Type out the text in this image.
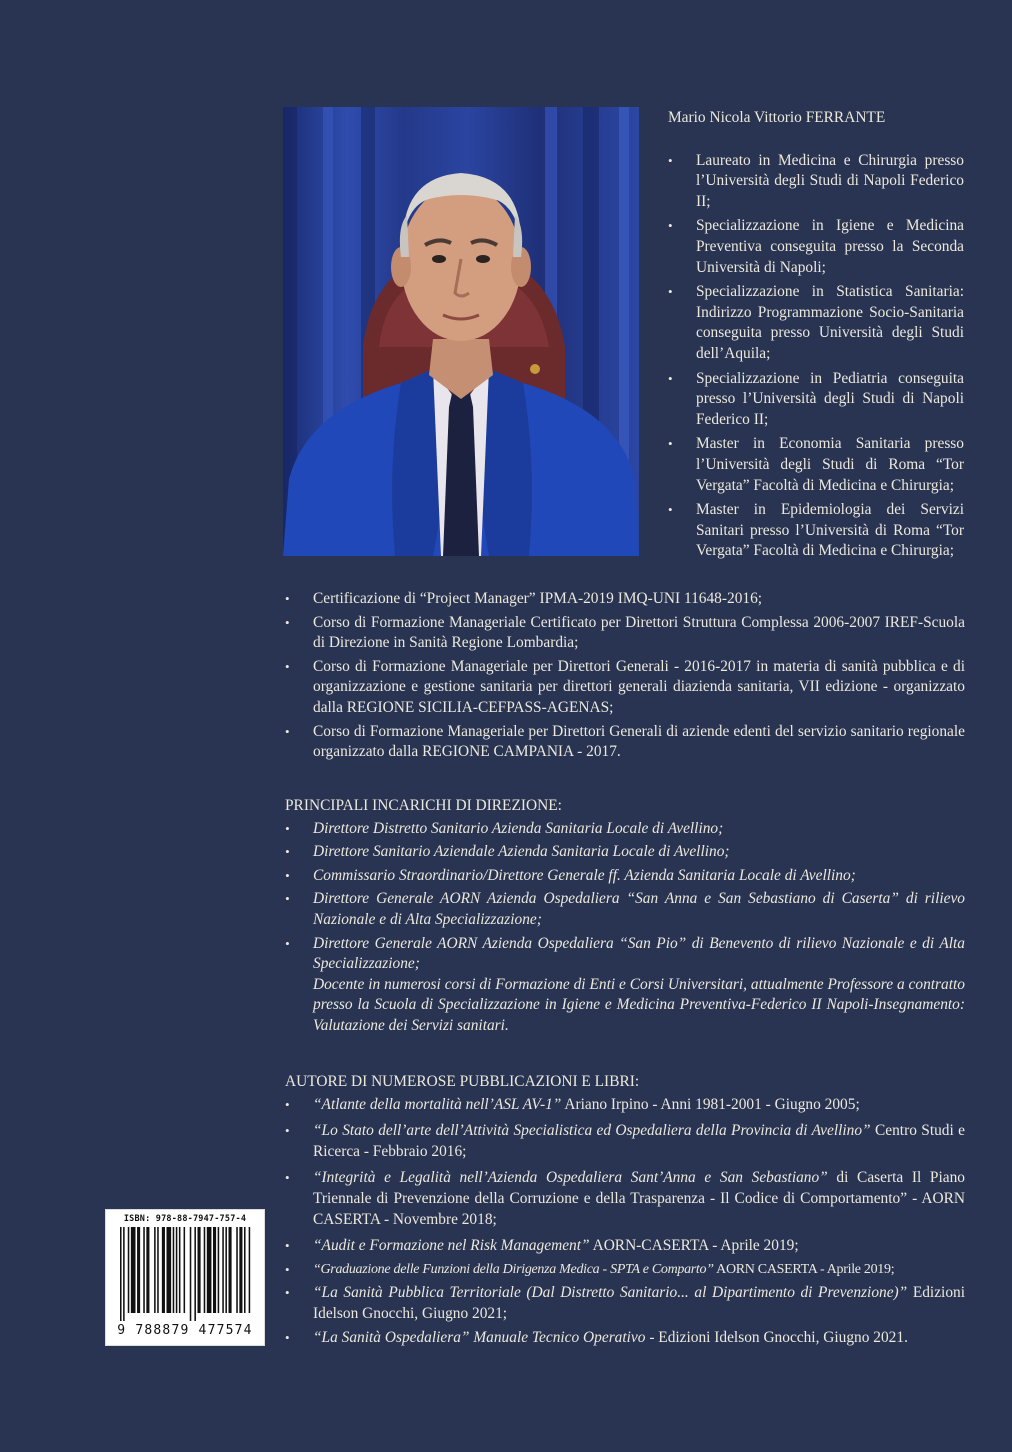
Mario Nicola Vittorio FERRANTE
• Laureato in Medicina e Chirurgia presso l’Università degli Studi di Napoli Federico II;
• Specializzazione in Igiene e Medicina Preventiva conseguita presso la Seconda Università di Napoli;
• Specializzazione in Statistica Sanitaria: Indirizzo Programmazione Socio-Sanitaria conseguita presso Università degli Studi dell’Aquila;
• Specializzazione in Pediatria conseguita presso l’Università degli Studi di Napoli Federico II;
• Master in Economia Sanitaria presso l’Università degli Studi di Roma “Tor Vergata” Facoltà di Medicina e Chirurgia;
• Master in Epidemiologia dei Servizi Sanitari presso l’Università di Roma “Tor Vergata” Facoltà di Medicina e Chirurgia;
• Certificazione di “Project Manager” IPMA-2019 IMQ-UNI 11648-2016;
• Corso di Formazione Manageriale Certificato per Direttori Struttura Complessa 2006-2007 IREF-Scuola di Direzione in Sanità Regione Lombardia;
• Corso di Formazione Manageriale per Direttori Generali - 2016-2017 in materia di sanità pubblica e di organizzazione e gestione sanitaria per direttori generali diazienda sanitaria, VII edizione - organizzato dalla REGIONE SICILIA-CEFPASS-AGENAS;
• Corso di Formazione Manageriale per Direttori Generali di aziende edenti del servizio sanitario regionale organizzato dalla REGIONE CAMPANIA - 2017.
PRINCIPALI INCARICHI DI DIREZIONE:
• Direttore Distretto Sanitario Azienda Sanitaria Locale di Avellino;
• Direttore Sanitario Aziendale Azienda Sanitaria Locale di Avellino;
• Commissario Straordinario/Direttore Generale ff. Azienda Sanitaria Locale di Avellino;
• Direttore Generale AORN Azienda Ospedaliera “San Anna e San Sebastiano di Caserta” di rilievo Nazionale e di Alta Specializzazione;
• Direttore Generale AORN Azienda Ospedaliera “San Pio” di Benevento di rilievo Nazionale e di Alta Specializzazione;
Docente in numerosi corsi di Formazione di Enti e Corsi Universitari, attualmente Professore a contratto presso la Scuola di Specializzazione in Igiene e Medicina Preventiva-Federico II Napoli-Insegnamento: Valutazione dei Servizi sanitari.
AUTORE DI NUMEROSE PUBBLICAZIONI E LIBRI:
• “Atlante della mortalità nell’ASL AV-1” Ariano Irpino - Anni 1981-2001 - Giugno 2005;
• “Lo Stato dell’arte dell’Attività Specialistica ed Ospedaliera della Provincia di Avellino” Centro Studi e Ricerca - Febbraio 2016;
• “Integrità e Legalità nell’Azienda Ospedaliera Sant’Anna e San Sebastiano” di Caserta Il Piano Triennale di Prevenzione della Corruzione e della Trasparenza - Il Codice di Comportamento” - AORN CASERTA - Novembre 2018;
• “Audit e Formazione nel Risk Management” AORN-CASERTA - Aprile 2019;
• “Graduazione delle Funzioni della Dirigenza Medica - SPTA e Comparto” AORN CASERTA - Aprile 2019;
• “La Sanità Pubblica Territoriale (Dal Distretto Sanitario... al Dipartimento di Prevenzione)” Edizioni Idelson Gnocchi, Giugno 2021;
• “La Sanità Ospedaliera” Manuale Tecnico Operativo - Edizioni Idelson Gnocchi, Giugno 2021.
ISBN: 978-88-7947-757-4
9 788879 477574
